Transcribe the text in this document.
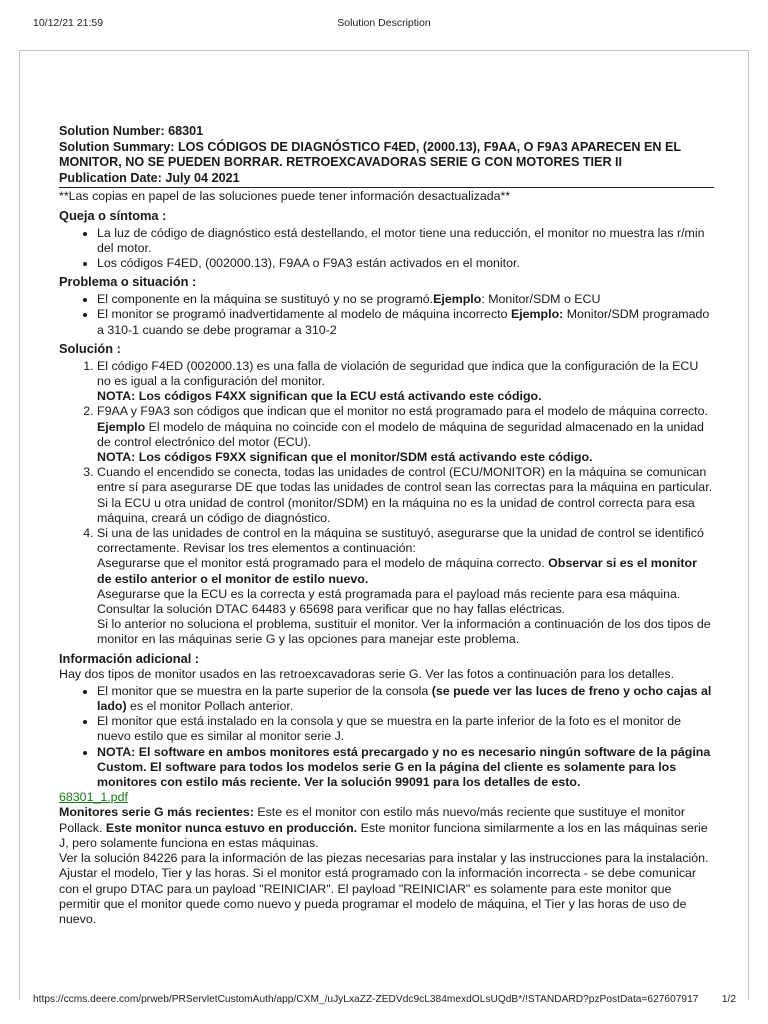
10/12/21 21:59	Solution Description
Solution Number: 68301
Solution Summary: LOS CÓDIGOS DE DIAGNÓSTICO F4ED, (2000.13), F9AA, O F9A3 APARECEN EN EL MONITOR, NO SE PUEDEN BORRAR. RETROEXCAVADORAS SERIE G CON MOTORES TIER II
Publication Date: July 04 2021
**Las copias en papel de las soluciones puede tener información desactualizada**
Queja o síntoma :
• La luz de código de diagnóstico está destellando, el motor tiene una reducción, el monitor no muestra las r/min del motor.
• Los códigos F4ED, (002000.13), F9AA o F9A3 están activados en el monitor.
Problema o situación :
• El componente en la máquina se sustituyó y no se programó.Ejemplo: Monitor/SDM o ECU
• El monitor se programó inadvertidamente al modelo de máquina incorrecto Ejemplo: Monitor/SDM programado a 310-1 cuando se debe programar a 310-2
Solución :
1. El código F4ED (002000.13) es una falla de violación de seguridad que indica que la configuración de la ECU no es igual a la configuración del monitor.
NOTA: Los códigos F4XX significan que la ECU está activando este código.
2. F9AA y F9A3 son códigos que indican que el monitor no está programado para el modelo de máquina correcto. Ejemplo El modelo de máquina no coincide con el modelo de máquina de seguridad almacenado en la unidad de control electrónico del motor (ECU).
NOTA: Los códigos F9XX significan que el monitor/SDM está activando este código.
3. Cuando el encendido se conecta, todas las unidades de control (ECU/MONITOR) en la máquina se comunican entre sí para asegurarse DE que todas las unidades de control sean las correctas para la máquina en particular. Si la ECU u otra unidad de control (monitor/SDM) en la máquina no es la unidad de control correcta para esa máquina, creará un código de diagnóstico.
4. Si una de las unidades de control en la máquina se sustituyó, asegurarse que la unidad de control se identificó correctamente. Revisar los tres elementos a continuación:
Asegurarse que el monitor está programado para el modelo de máquina correcto. Observar si es el monitor de estilo anterior o el monitor de estilo nuevo.
Asegurarse que la ECU es la correcta y está programada para el payload más reciente para esa máquina.
Consultar la solución DTAC 64483 y 65698 para verificar que no hay fallas eléctricas.
Si lo anterior no soluciona el problema, sustituir el monitor. Ver la información a continuación de los dos tipos de monitor en las máquinas serie G y las opciones para manejar este problema.
Información adicional :
Hay dos tipos de monitor usados en las retroexcavadoras serie G. Ver las fotos a continuación para los detalles.
• El monitor que se muestra en la parte superior de la consola (se puede ver las luces de freno y ocho cajas al lado) es el monitor Pollach anterior.
• El monitor que está instalado en la consola y que se muestra en la parte inferior de la foto es el monitor de nuevo estilo que es similar al monitor serie J.
• NOTA: El software en ambos monitores está precargado y no es necesario ningún software de la página Custom. El software para todos los modelos serie G en la página del cliente es solamente para los monitores con estilo más reciente. Ver la solución 99091 para los detalles de esto.
68301_1.pdf
Monitores serie G más recientes: Este es el monitor con estilo más nuevo/más reciente que sustituye el monitor Pollack. Este monitor nunca estuvo en producción. Este monitor funciona similarmente a los en las máquinas serie J, pero solamente funciona en estas máquinas.
Ver la solución 84226 para la información de las piezas necesarias para instalar y las instrucciones para la instalación. Ajustar el modelo, Tier y las horas. Si el monitor está programado con la información incorrecta - se debe comunicar con el grupo DTAC para un payload "REINICIAR". El payload "REINICIAR" es solamente para este monitor que permitir que el monitor quede como nuevo y pueda programar el modelo de máquina, el Tier y las horas de uso de nuevo.
https://ccms.deere.com/prweb/PRServletCustomAuth/app/CXM_/uJyLxaZZ-ZEDVdc9cL384mexdOLsUQdB*/!STANDARD?pzPostData=627607917 1/2
